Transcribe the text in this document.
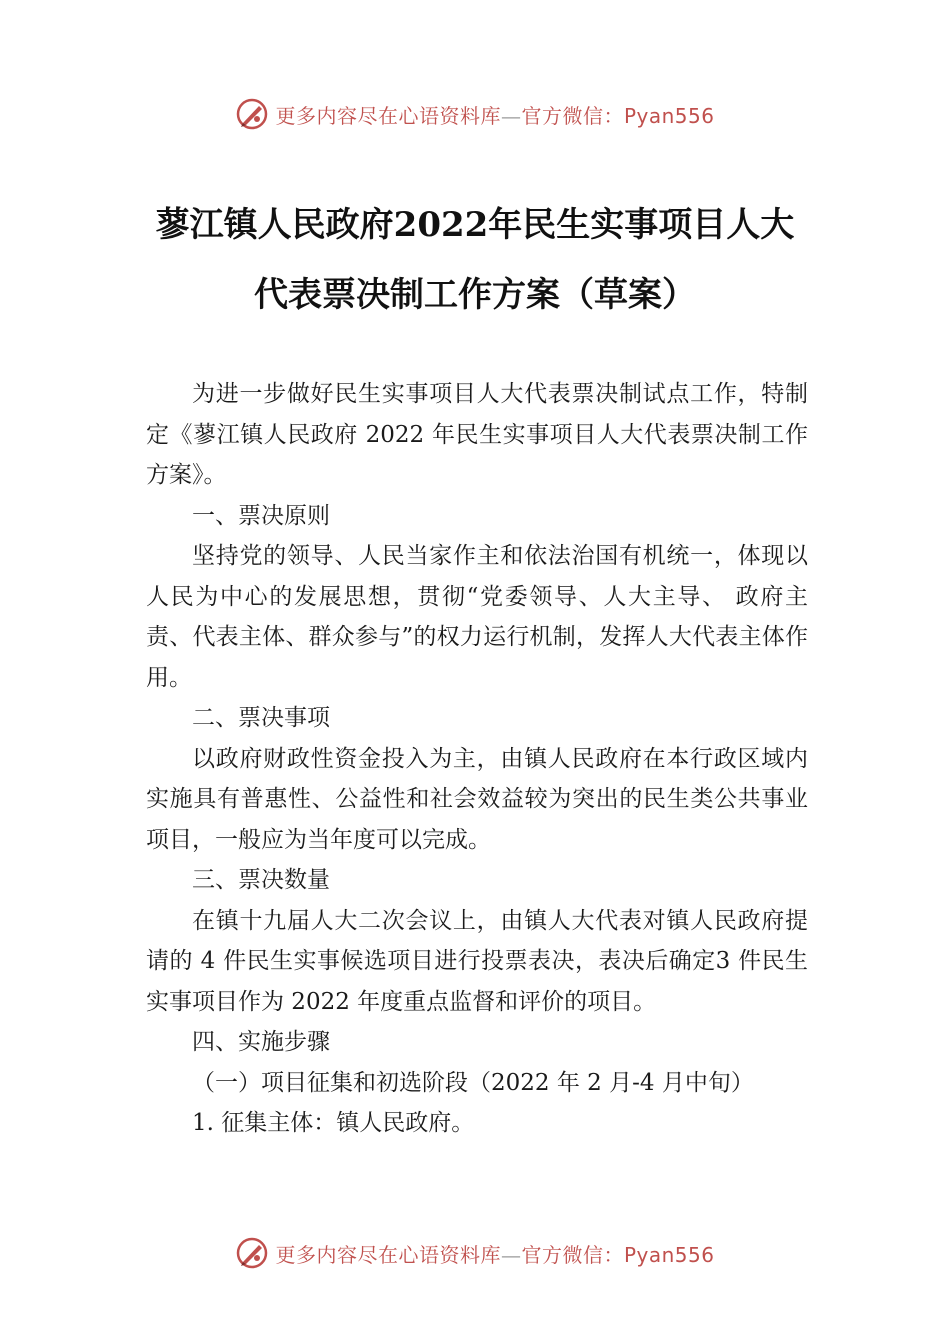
更多内容尽在心语资料库—官方微信：Pyan556
蓼江镇人民政府2022年民生实事项目人大
代表票决制工作方案（草案）

为进一步做好民生实事项目人大代表票决制试点工作，特制定《蓼江镇人民政府 2022 年民生实事项目人大代表票决制工作方案》。

一、票决原则

坚持党的领导、人民当家作主和依法治国有机统一，体现以人民为中心的发展思想，贯彻“党委领导、人大主导、 政府主责、代表主体、群众参与”的权力运行机制，发挥人大代表主体作用。

二、票决事项

以政府财政性资金投入为主，由镇人民政府在本行政区域内实施具有普惠性、公益性和社会效益较为突出的民生类公共事业项目，一般应为当年度可以完成。

三、票决数量

在镇十九届人大二次会议上，由镇人大代表对镇人民政府提请的 4 件民生实事候选项目进行投票表决，表决后确定3 件民生实事项目作为 2022 年度重点监督和评价的项目。

四、实施步骤

（一）项目征集和初选阶段（2022 年 2 月-4 月中旬）

1. 征集主体：镇人民政府。

更多内容尽在心语资料库—官方微信：Pyan556
